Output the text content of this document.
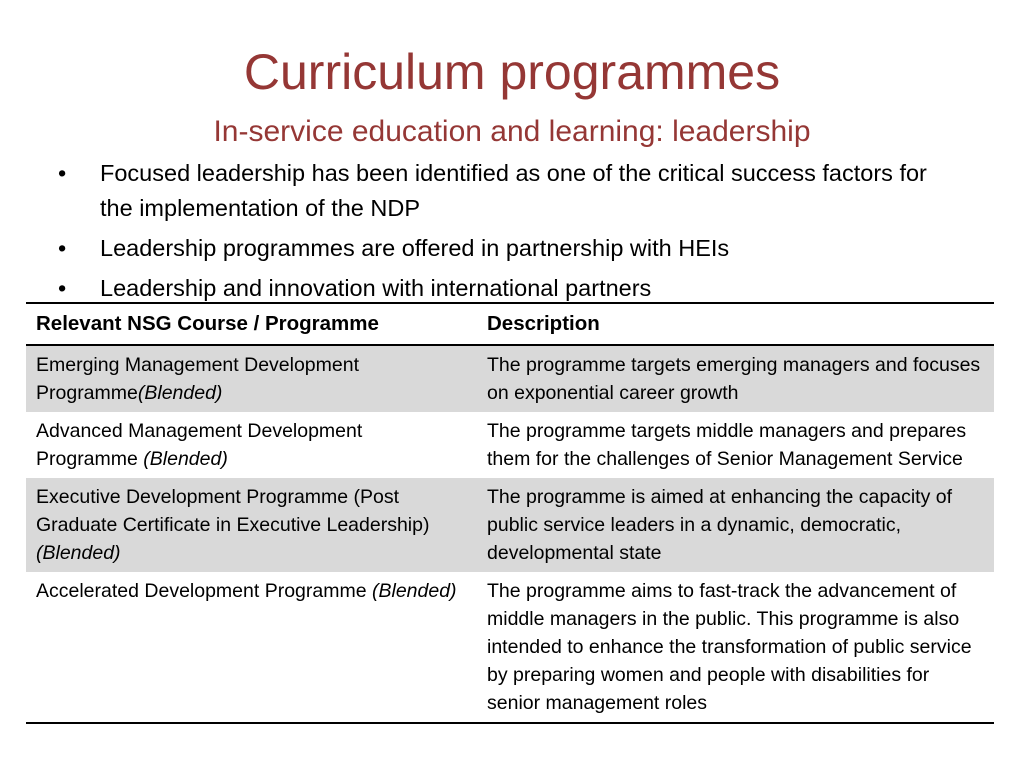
Curriculum programmes
In-service education and learning: leadership
• Focused leadership has been identified as one of the critical success factors for the implementation of the NDP
• Leadership programmes are offered in partnership with HEIs
• Leadership and innovation with international partners
Relevant NSG Course / Programme	Description
Emerging Management Development Programme(Blended)	The programme targets emerging managers and focuses on exponential career growth
Advanced Management Development Programme (Blended)	The programme targets middle managers and prepares them for the challenges of Senior Management Service
Executive Development Programme (Post Graduate Certificate in Executive Leadership) (Blended)	The programme is aimed at enhancing the capacity of public service leaders in a dynamic, democratic, developmental state
Accelerated Development Programme (Blended)	The programme aims to fast-track the advancement of middle managers in the public. This programme is also intended to enhance the transformation of public service by preparing women and people with disabilities for senior management roles
